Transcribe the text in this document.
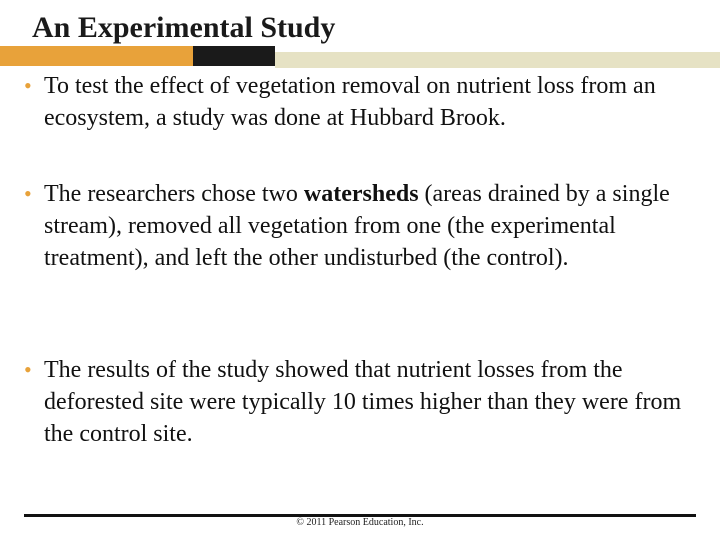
An Experimental Study
• To test the effect of vegetation removal on nutrient loss from an ecosystem, a study was done at Hubbard Brook.
• The researchers chose two watersheds (areas drained by a single stream), removed all vegetation from one (the experimental treatment), and left the other undisturbed (the control).
• The results of the study showed that nutrient losses from the deforested site were typically 10 times higher than they were from the control site.
© 2011 Pearson Education, Inc.
